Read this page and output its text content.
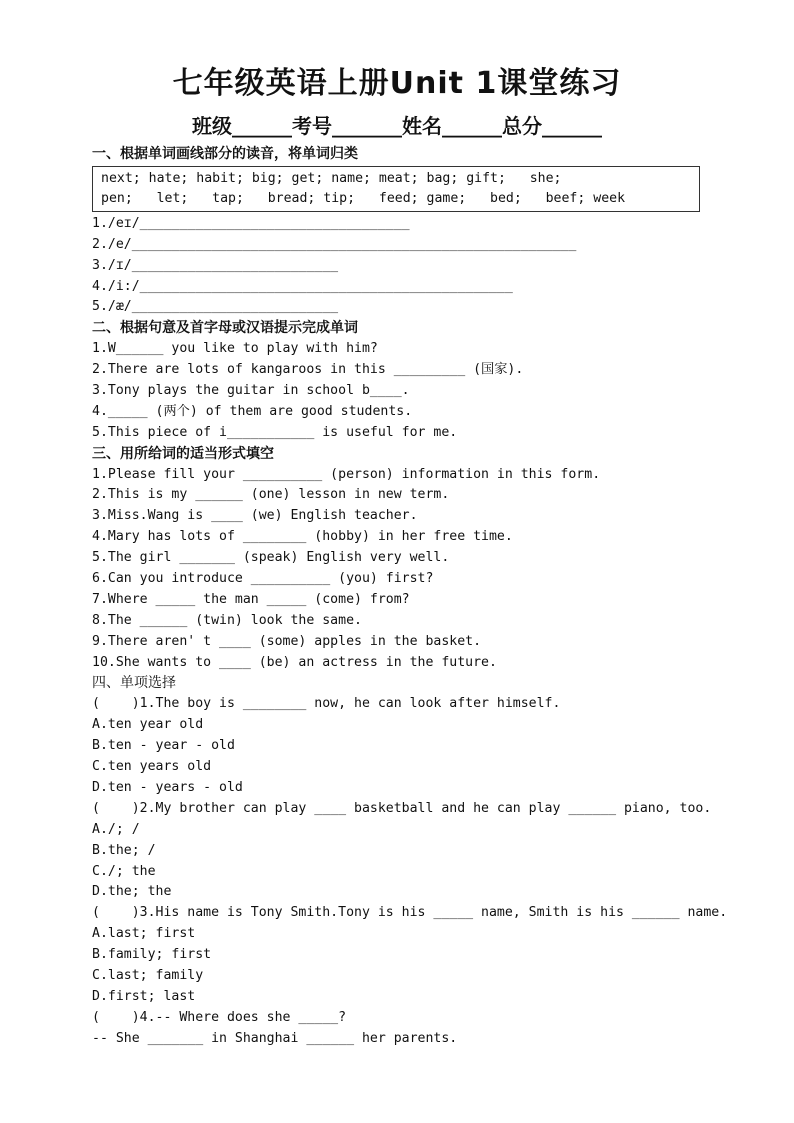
七年级英语上册Unit 1课堂练习
班级______考号_______姓名______总分______
一、根据单词画线部分的读音，将单词归类
next; hate; habit; big; get; name; meat; bag; gift;   she;
pen;   let;   tap;   bread; tip;   feed; game;   bed;   beef; week
1./eɪ/__________________________________
2./e/________________________________________________________
3./ɪ/__________________________
4./i:/_______________________________________________
5./æ/__________________________
二、根据句意及首字母或汉语提示完成单词
1.W______ you like to play with him?
2.There are lots of kangaroos in this _________ (国家).
3.Tony plays the guitar in school b____.
4._____ (两个) of them are good students.
5.This piece of i___________ is useful for me.
三、用所给词的适当形式填空
1.Please fill your __________ (person) information in this form.
2.This is my ______ (one) lesson in new term.
3.Miss.Wang is ____ (we) English teacher.
4.Mary has lots of ________ (hobby) in her free time.
5.The girl _______ (speak) English very well.
6.Can you introduce __________ (you) first?
7.Where _____ the man _____ (come) from?
8.The ______ (twin) look the same.
9.There aren' t ____ (some) apples in the basket.
10.She wants to ____ (be) an actress in the future.
四、单项选择
(    )1.The boy is ________ now, he can look after himself.
A.ten year old
B.ten - year - old
C.ten years old
D.ten - years - old
(    )2.My brother can play ____ basketball and he can play ______ piano, too.
A./; /
B.the; /
C./; the
D.the; the
(    )3.His name is Tony Smith.Tony is his _____ name, Smith is his ______ name.
A.last; first
B.family; first
C.last; family
D.first; last
(    )4.-- Where does she _____?
-- She _______ in Shanghai ______ her parents.
